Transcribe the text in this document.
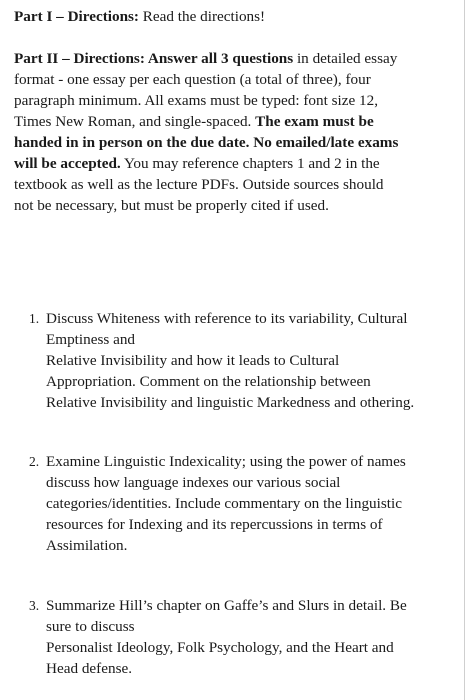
Part I – Directions: Read the directions!

Part II – Directions: Answer all 3 questions in detailed essay format - one essay per each question (a total of three), four paragraph minimum. All exams must be typed: font size 12, Times New Roman, and single-spaced. The exam must be handed in in person on the due date. No emailed/late exams will be accepted. You may reference chapters 1 and 2 in the textbook as well as the lecture PDFs. Outside sources should not be necessary, but must be properly cited if used.

1. Discuss Whiteness with reference to its variability, Cultural Emptiness and
Relative Invisibility and how it leads to Cultural Appropriation. Comment on the relationship between Relative Invisibility and linguistic Markedness and othering.
2. Examine Linguistic Indexicality; using the power of names discuss how language indexes our various social categories/identities. Include commentary on the linguistic resources for Indexing and its repercussions in terms of Assimilation.
3. Summarize Hill’s chapter on Gaffe’s and Slurs in detail. Be sure to discuss
Personalist Ideology, Folk Psychology, and the Heart and Head defense.
